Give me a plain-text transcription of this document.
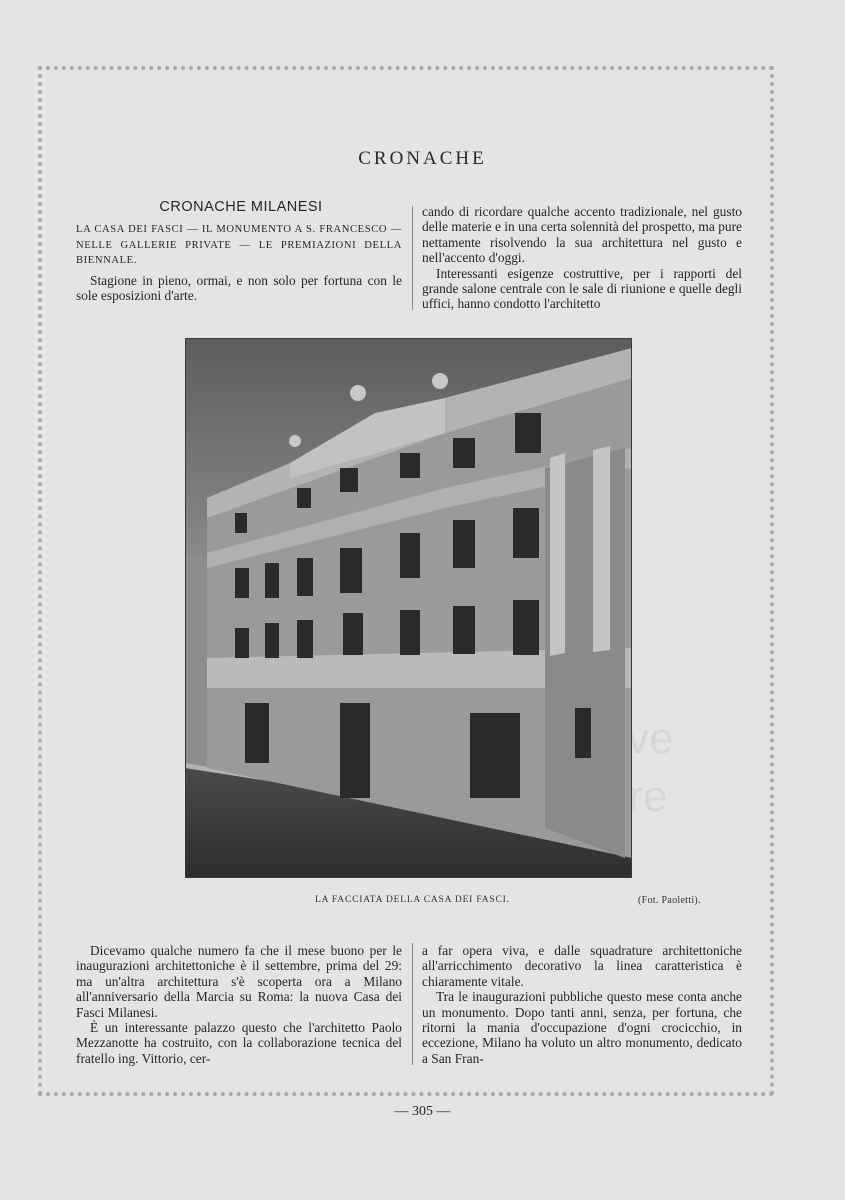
sive
ore
CRONACHE
CRONACHE MILANESI

LA CASA DEI FASCI — IL MONUMENTO A S. FRANCESCO — NELLE GALLERIE PRIVATE — LE PREMIAZIONI DELLA BIENNALE.

Stagione in pieno, ormai, e non solo per fortuna con le sole esposizioni d'arte.

cando di ricordare qualche accento tradizionale, nel gusto delle materie e in una certa solennità del prospetto, ma pure nettamente risolvendo la sua architettura nel gusto e nell'accento d'oggi.

Interessanti esigenze costruttive, per i rapporti del grande salone centrale con le sale di riunione e quelle degli uffici, hanno condotto l'architetto

LA FACCIATA DELLA CASA DEI FASCI.	(Fot. Paoletti).

Dicevamo qualche numero fa che il mese buono per le inaugurazioni architettoniche è il settembre, prima del 29: ma un'altra architettura s'è scoperta ora a Milano all'anniversario della Marcia su Roma: la nuova Casa dei Fasci Milanesi.

È un interessante palazzo questo che l'architetto Paolo Mezzanotte ha costruito, con la collaborazione tecnica del fratello ing. Vittorio, cer-

a far opera viva, e dalle squadrature architettoniche all'arricchimento decorativo la linea caratteristica è chiaramente vitale.

Tra le inaugurazioni pubbliche questo mese conta anche un monumento. Dopo tanti anni, senza, per fortuna, che ritorni la mania d'occupazione d'ogni crocicchio, in eccezione, Milano ha voluto un altro monumento, dedicato a San Fran-

— 305 —
